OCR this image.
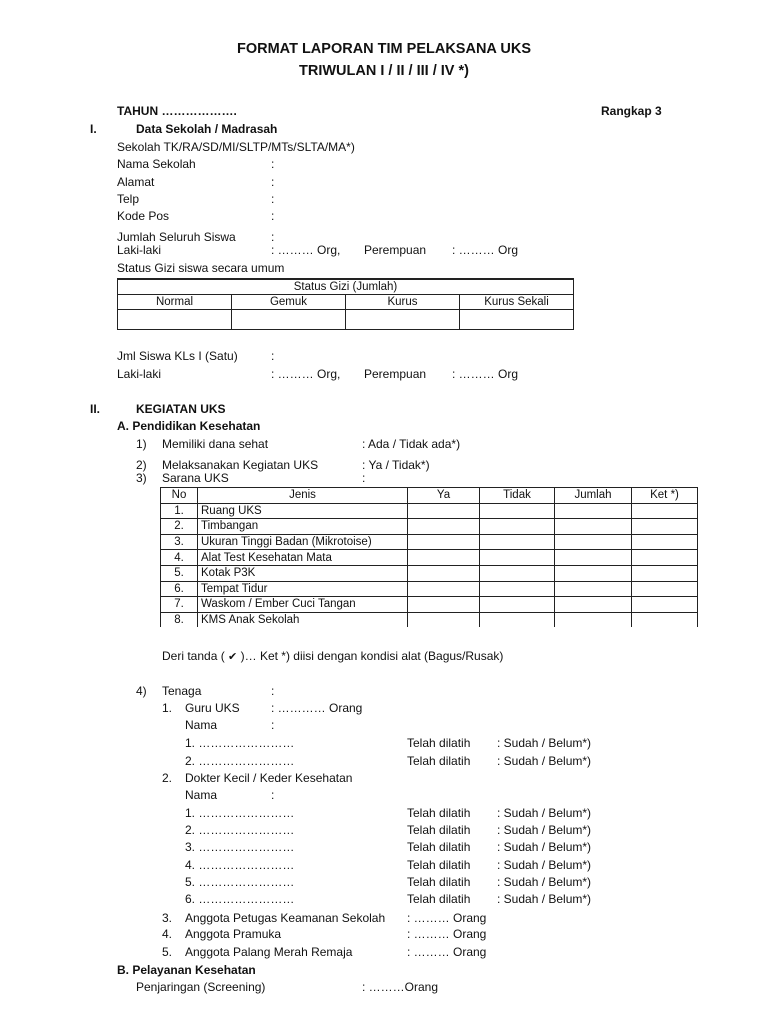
FORMAT LAPORAN TIM PELAKSANA UKS
TRIWULAN I / II / III / IV *)
TAHUN ……………….	Rangkap 3
I.	Data Sekolah / Madrasah
Sekolah TK/RA/SD/MI/SLTP/MTs/SLTA/MA*)
Nama Sekolah	:
Alamat	:
Telp	:
Kode Pos	:
Jumlah Seluruh Siswa	:
Laki-laki	: ……… Org, Perempuan : ……… Org
Status Gizi siswa secara umum
Status Gizi (Jumlah)			
Normal	Gemuk	Kurus	Kurus Sekali

Jml Siswa KLs I (Satu)	:
Laki-laki	: ……… Org, Perempuan : ……… Org
II.	KEGIATAN UKS
A. Pendidikan Kesehatan
1) Memiliki dana sehat	: Ada / Tidak ada*)
2) Melaksanakan Kegiatan UKS	: Ya / Tidak*)
3) Sarana UKS	:
No	Jenis	Ya	Tidak	Jumlah	Ket *)
1.	Ruang UKS				
2.	Timbangan				
3.	Ukuran Tinggi Badan (Mikrotoise)				
4.	Alat Test Kesehatan Mata				
5.	Kotak P3K				
6.	Tempat Tidur				
7.	Waskom / Ember Cuci Tangan				
8.	KMS Anak Sekolah				
Deri tanda ( ✔ )… Ket *) diisi dengan kondisi alat (Bagus/Rusak)
4) Tenaga	:
1. Guru UKS	: ………… Orang
Nama	:
1. ……………………	Telah dilatih : Sudah / Belum*)
2. ……………………	Telah dilatih : Sudah / Belum*)
2. Dokter Kecil / Keder Kesehatan
Nama	:
1. ……………………	Telah dilatih : Sudah / Belum*)
2. ……………………	Telah dilatih : Sudah / Belum*)
3. ……………………	Telah dilatih : Sudah / Belum*)
4. ……………………	Telah dilatih : Sudah / Belum*)
5. ……………………	Telah dilatih : Sudah / Belum*)
6. ……………………	Telah dilatih : Sudah / Belum*)
3. Anggota Petugas Keamanan Sekolah : ……… Orang
4. Anggota Pramuka	: ……… Orang
5. Anggota Palang Merah Remaja	: ……… Orang
B. Pelayanan Kesehatan
Penjaringan (Screening)	: ………Orang
